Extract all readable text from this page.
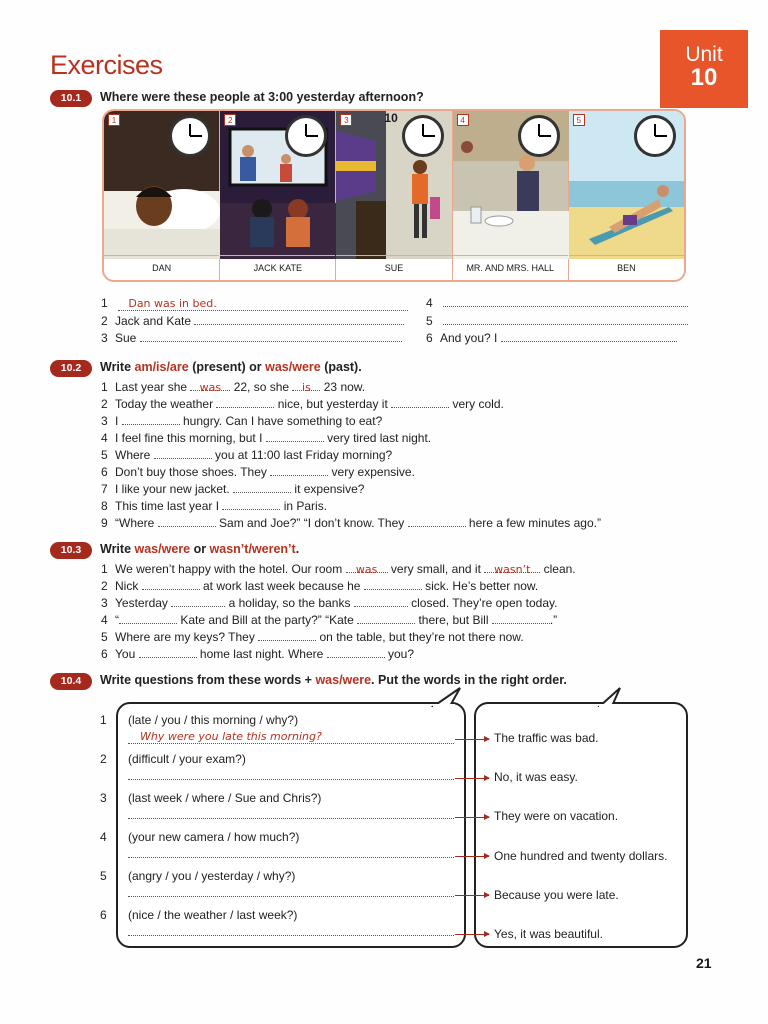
Exercises	Unit
10
10.1	Where were these people at 3:00 yesterday afternoon?
1
DAN
2
JACK KATE
3	10
SUE
4
MR. AND MRS. HALL
5
BEN
1 Dan was in bed.
2 Jack and Kate
3 Sue
4
5
6 And you? I
10.2	Write am/is/are (present) or was/were (past).
1 Last year she was 22, so she is 23 now.
2 Today the weather	nice, but yesterday it	very cold.
3 I	hungry. Can I have something to eat?
4 I feel fine this morning, but I	very tired last night.
5 Where	you at 11:00 last Friday morning?
6 Don’t buy those shoes. They	very expensive.
7 I like your new jacket.	it expensive?
8 This time last year I	in Paris.
9 “Where	Sam and Joe?” “I don’t know. They	here a few minutes ago.”
10.3	Write was/were or wasn’t/weren’t.
1 We weren’t happy with the hotel. Our room was very small, and it wasn’t clean.
2 Nick	at work last week because he	sick. He’s better now.
3 Yesterday	a holiday, so the banks	closed. They’re open today.
4 “	Kate and Bill at the party?” “Kate	there, but Bill	.”
5 Where are my keys? They	on the table, but they’re not there now.
6 You	home last night. Where	you?
10.4	Write questions from these words + was/were. Put the words in the right order.
1 (late / you / this morning / why?)
Why were you late this morning?
2 (difficult / your exam?)
3 (last week / where / Sue and Chris?)
4 (your new camera / how much?)
5 (angry / you / yesterday / why?)
6 (nice / the weather / last week?)
The traffic was bad.
No, it was easy.
They were on vacation.
One hundred and twenty dollars.
Because you were late.
Yes, it was beautiful.
21
